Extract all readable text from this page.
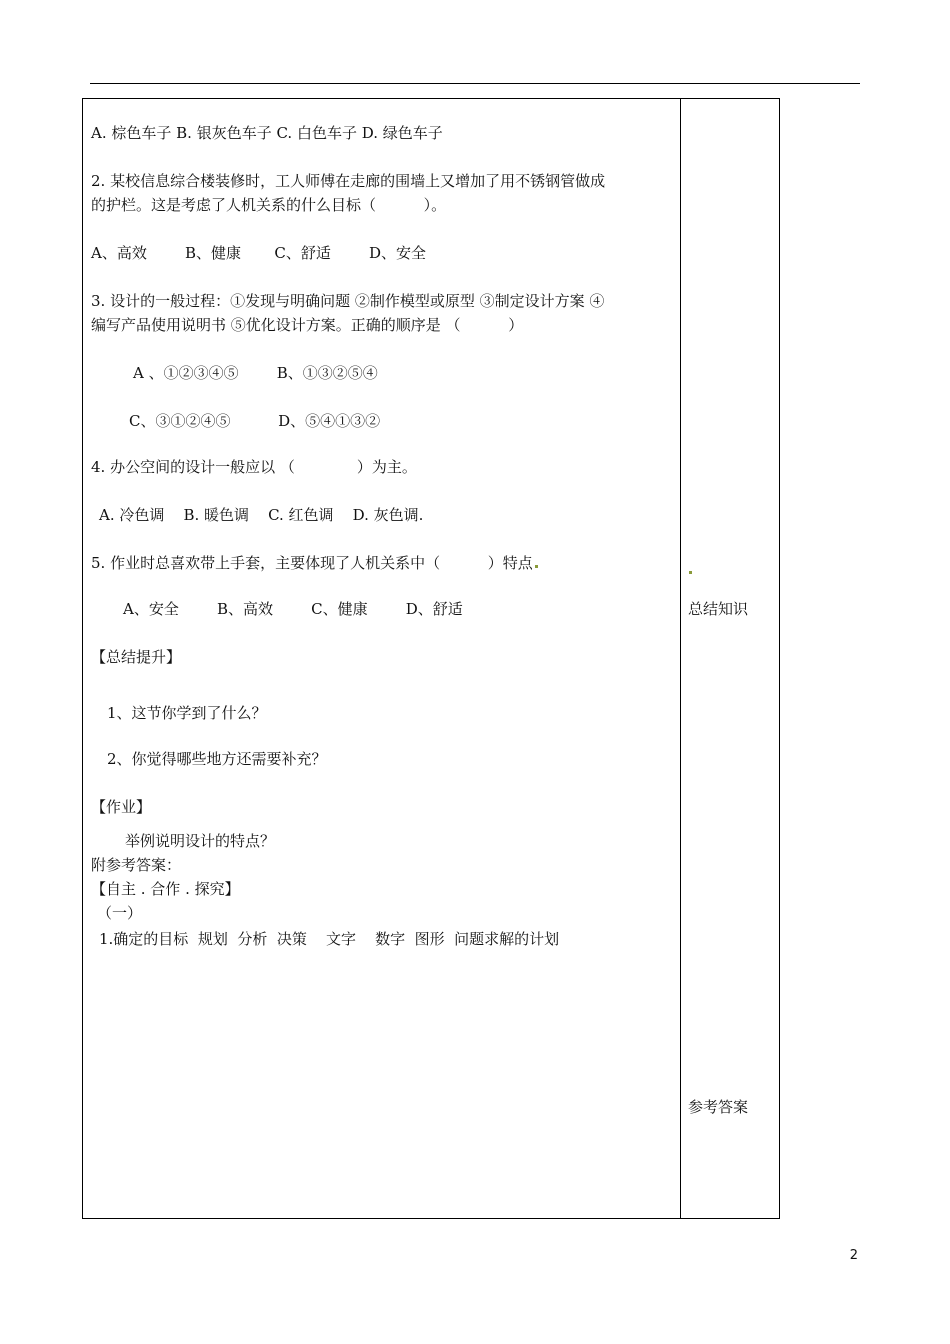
A. 棕色车子 B. 银灰色车子 C. 白色车子 D. 绿色车子
2. 某校信息综合楼装修时，工人师傅在走廊的围墙上又增加了用不锈钢管做成
的护栏。这是考虑了人机关系的什么目标（          ）。
A、高效        B、健康       C、舒适        D、安全
3. 设计的一般过程：①发现与明确问题 ②制作模型或原型 ③制定设计方案 ④
编写产品使用说明书 ⑤优化设计方案。正确的顺序是 （          ）
A 、①②③④⑤        B、①③②⑤④
C、③①②④⑤          D、⑤④①③②
4. 办公空间的设计一般应以 （             ）为主。
A. 冷色调    B. 暖色调    C. 红色调    D. 灰色调.
5. 作业时总喜欢带上手套，主要体现了人机关系中（          ）特点
A、安全        B、高效        C、健康        D、舒适
【总结提升】
1、这节你学到了什么？
2、你觉得哪些地方还需要补充？
【作业】
举例说明设计的特点？
附参考答案：
【自主 . 合作 . 探究】
（一）
1.确定的目标  规划  分析  决策    文字    数字  图形  问题求解的计划
总结知识
参考答案
2
